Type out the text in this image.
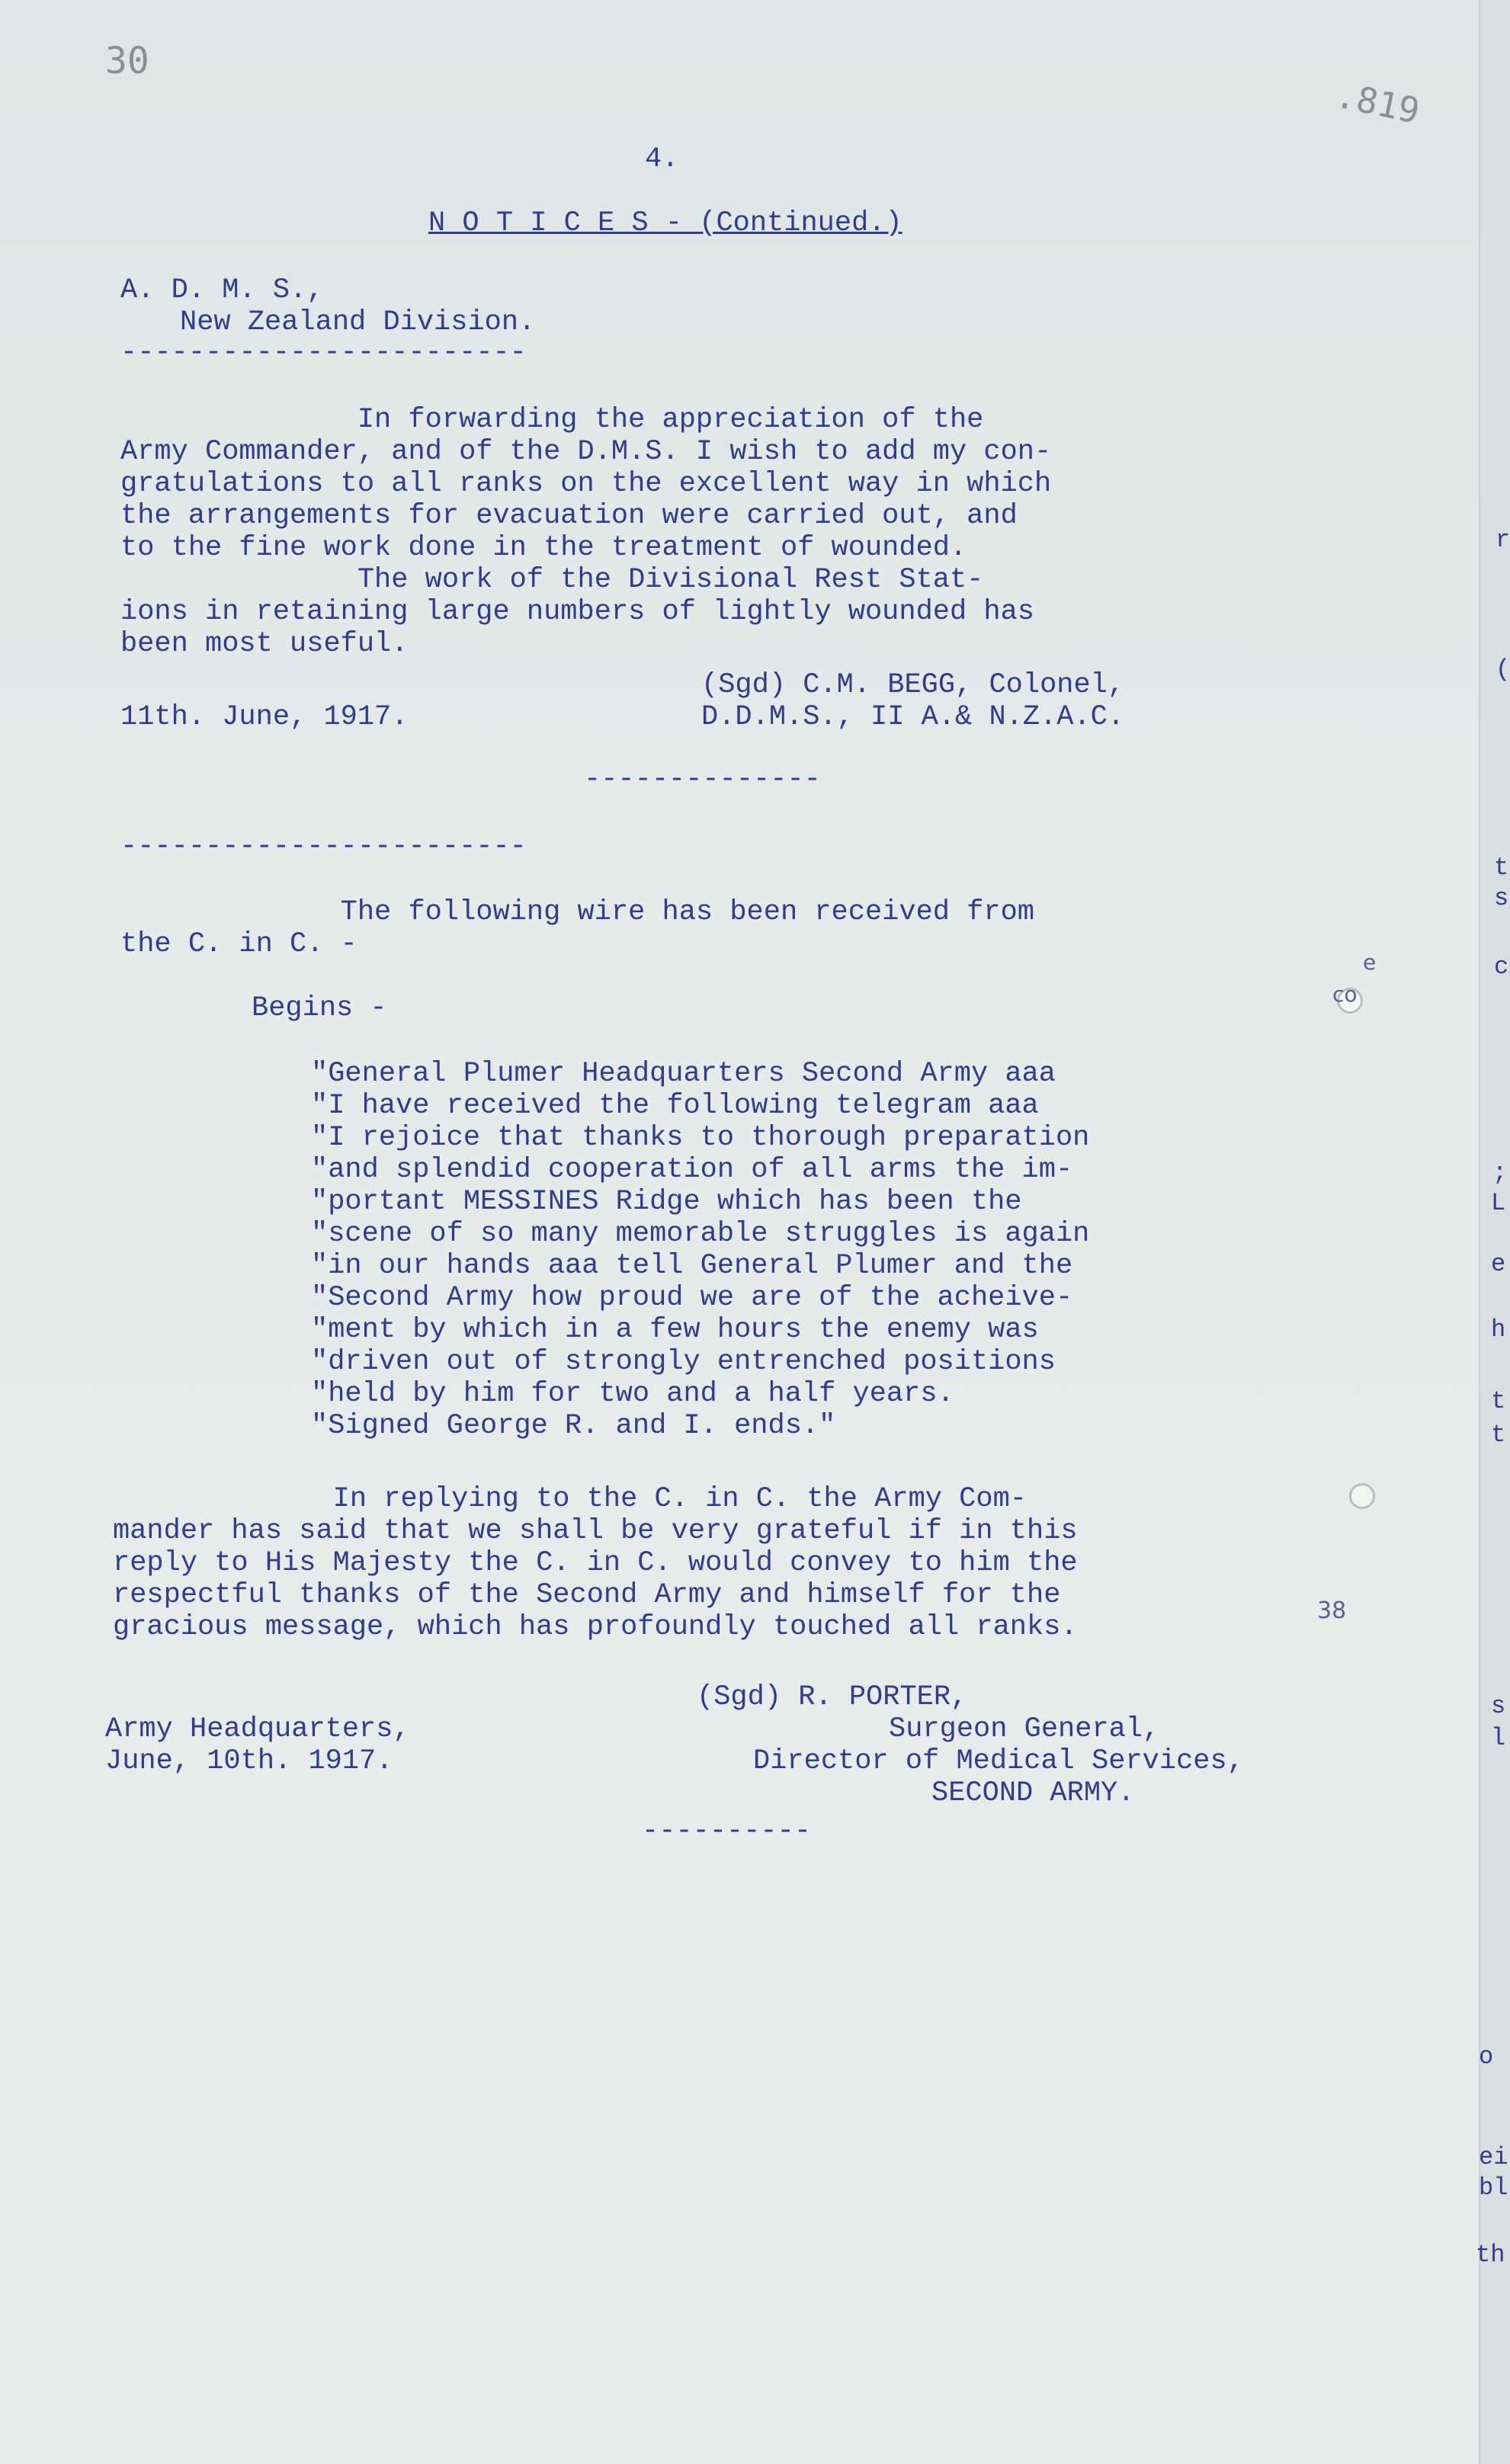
30
.819

4.

N O T I C E S - (Continued.)

A. D. M. S.,

New Zealand Division.

------------------------

In forwarding the appreciation of the

Army Commander, and of the D.M.S. I wish to add my con-

gratulations to all ranks on the excellent way in which

the arrangements for evacuation were carried out, and

to the fine work done in the treatment of wounded.

The work of the Divisional Rest Stat-

ions in retaining large numbers of lightly wounded has

been most useful.

(Sgd) C.M. BEGG, Colonel,

11th. June, 1917.	D.D.M.S., II A.& N.Z.A.C.

--------------

------------------------

The following wire has been received from

the C. in C. -

Begins -

"General Plumer Headquarters Second Army aaa

"I have received the following telegram aaa

"I rejoice that thanks to thorough preparation

"and splendid cooperation of all arms the im-

"portant MESSINES Ridge which has been the

"scene of so many memorable struggles is again

"in our hands aaa tell General Plumer and the

"Second Army how proud we are of the acheive-

"ment by which in a few hours the enemy was

"driven out of strongly entrenched positions

"held by him for two and a half years.

"Signed George R. and I. ends."

In replying to the C. in C. the Army Com-

mander has said that we shall be very grateful if in this

reply to His Majesty the C. in C. would convey to him the

respectful thanks of the Second Army and himself for the

gracious message, which has profoundly touched all ranks.

(Sgd) R. PORTER,

Army Headquarters,	Surgeon General,

June, 10th. 1917.	Director of Medical Services,

SECOND ARMY.

----------

e
co
38
r
(
t
s
c
;
L
e
h
t
t
s
l
o
ei
bl
th
